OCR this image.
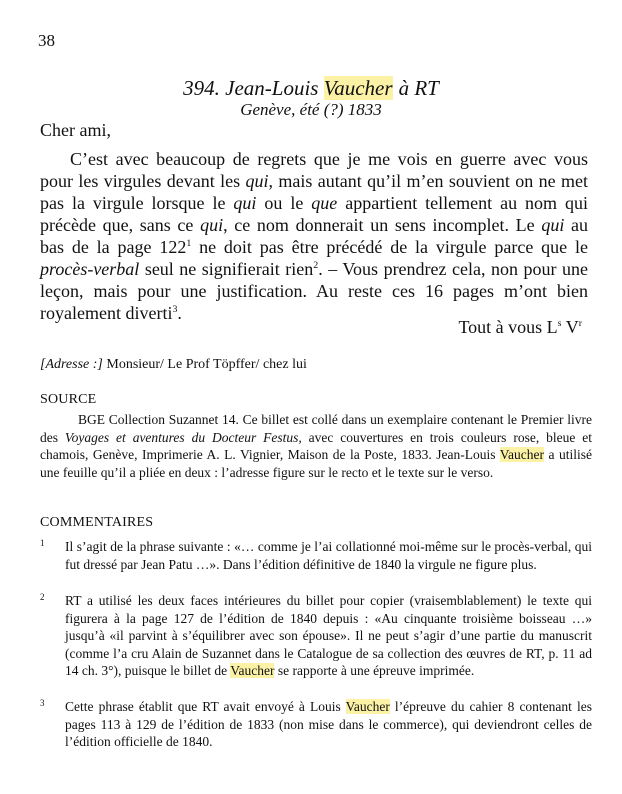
38
394. Jean-Louis Vaucher à RT
Genève, été (?) 1833
Cher ami,

C’est avec beaucoup de regrets que je me vois en guerre avec vous pour les virgules devant les qui, mais autant qu’il m’en souvient on ne met pas la virgule lorsque le qui ou le que appartient tellement au nom qui précède que, sans ce qui, ce nom donnerait un sens incomplet. Le qui au bas de la page $122^1$ ne doit pas être précédé de la virgule parce que le procès-verbal seul ne signifierait rien$^2$. – Vous prendrez cela, non pour une leçon, mais pour une justification. Au reste ces 16 pages m’ont bien royalement diverti$^3$.

Tout à vous $L^s$ $V^r$
[Adresse :] Monsieur/ Le Prof Töpffer/ chez lui
SOURCE

BGE Collection Suzannet 14. Ce billet est collé dans un exemplaire contenant le Premier livre des Voyages et aventures du Docteur Festus, avec couvertures en trois couleurs rose, bleue et chamois, Genève, Imprimerie A. L. Vignier, Maison de la Poste, 1833. Jean-Louis Vaucher a utilisé une feuille qu’il a pliée en deux : l’adresse figure sur le recto et le texte sur le verso.

COMMENTAIRES
1 Il s’agit de la phrase suivante : «… comme je l’ai collationné moi-même sur le procès-verbal, qui fut dressé par Jean Patu …». Dans l’édition définitive de 1840 la virgule ne figure plus.

2 RT a utilisé les deux faces intérieures du billet pour copier (vraisemblablement) le texte qui figurera à la page 127 de l’édition de 1840 depuis : «Au cinquante troisième boisseau …» jusqu’à «il parvint à s’équilibrer avec son épouse». Il ne peut s’agir d’une partie du manuscrit (comme l’a cru Alain de Suzannet dans le Catalogue de sa collection des œuvres de RT, p. 11 ad 14 ch. 3°), puisque le billet de Vaucher se rapporte à une épreuve imprimée.

3 Cette phrase établit que RT avait envoyé à Louis Vaucher l’épreuve du cahier 8 contenant les pages 113 à 129 de l’édition de 1833 (non mise dans le commerce), qui deviendront celles de l’édition officielle de 1840.
